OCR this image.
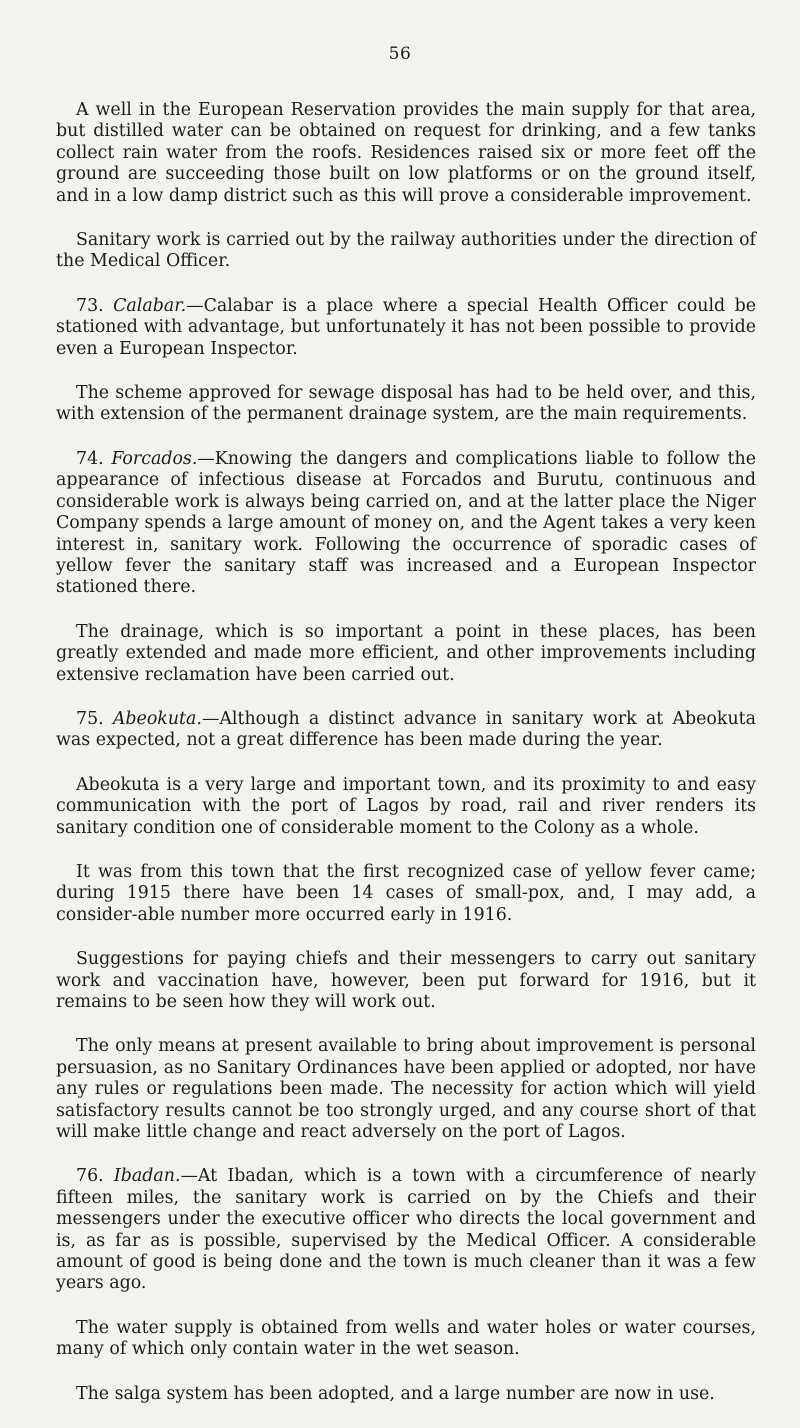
56

A well in the European Reservation provides the main supply for that area, but distilled water can be obtained on request for drinking, and a few tanks collect rain water from the roofs. Residences raised six or more feet off the ground are succeeding those built on low platforms or on the ground itself, and in a low damp district such as this will prove a considerable improvement.

Sanitary work is carried out by the railway authorities under the direction of the Medical Officer.

73. Calabar.—Calabar is a place where a special Health Officer could be stationed with advantage, but unfortunately it has not been possible to provide even a European Inspector.

The scheme approved for sewage disposal has had to be held over, and this, with extension of the permanent drainage system, are the main requirements.

74. Forcados.—Knowing the dangers and complications liable to follow the appearance of infectious disease at Forcados and Burutu, continuous and considerable work is always being carried on, and at the latter place the Niger Company spends a large amount of money on, and the Agent takes a very keen interest in, sanitary work. Following the occurrence of sporadic cases of yellow fever the sanitary staff was increased and a European Inspector stationed there.

The drainage, which is so important a point in these places, has been greatly extended and made more efficient, and other improvements including extensive reclamation have been carried out.

75. Abeokuta.—Although a distinct advance in sanitary work at Abeokuta was expected, not a great difference has been made during the year.

Abeokuta is a very large and important town, and its proximity to and easy communication with the port of Lagos by road, rail and river renders its sanitary condition one of considerable moment to the Colony as a whole.

It was from this town that the first recognized case of yellow fever came; during 1915 there have been 14 cases of small-pox, and, I may add, a consider-able number more occurred early in 1916.

Suggestions for paying chiefs and their messengers to carry out sanitary work and vaccination have, however, been put forward for 1916, but it remains to be seen how they will work out.

The only means at present available to bring about improvement is personal persuasion, as no Sanitary Ordinances have been applied or adopted, nor have any rules or regulations been made. The necessity for action which will yield satisfactory results cannot be too strongly urged, and any course short of that will make little change and react adversely on the port of Lagos.

76. Ibadan.—At Ibadan, which is a town with a circumference of nearly fifteen miles, the sanitary work is carried on by the Chiefs and their messengers under the executive officer who directs the local government and is, as far as is possible, supervised by the Medical Officer. A considerable amount of good is being done and the town is much cleaner than it was a few years ago.

The water supply is obtained from wells and water holes or water courses, many of which only contain water in the wet season.

The salga system has been adopted, and a large number are now in use.
